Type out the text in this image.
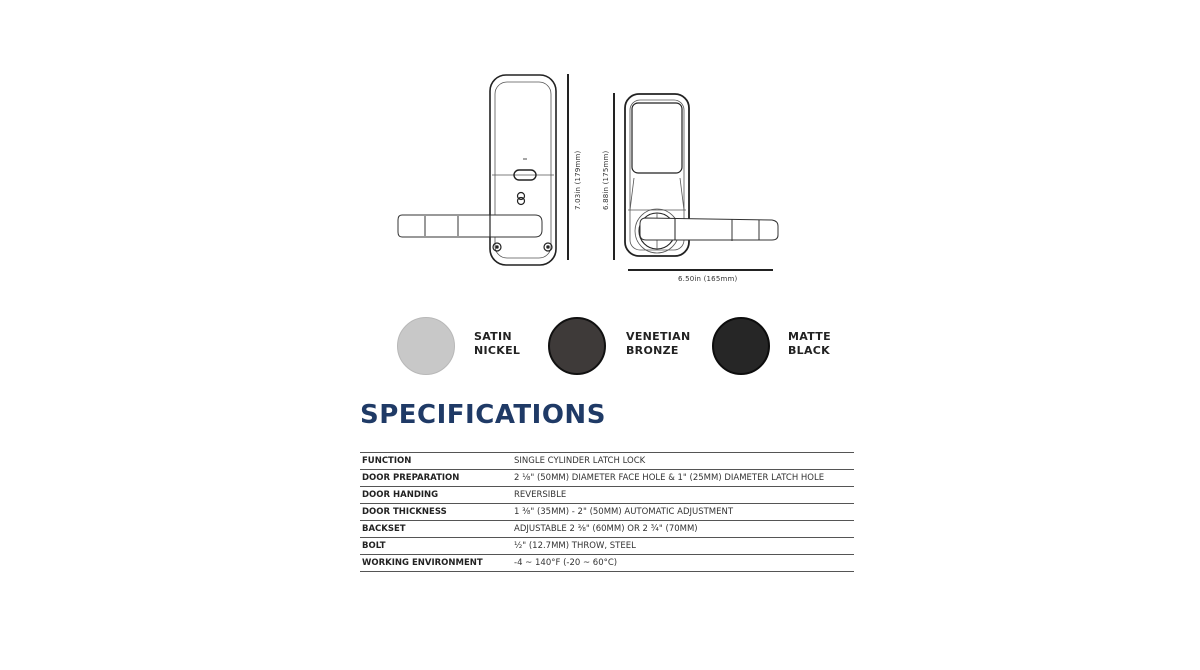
7.03in (179mm)	6.88in (175mm)
6.50in (165mm)
SATIN
NICKEL
VENETIAN
BRONZE
MATTE
BLACK
SPECIFICATIONS
FUNCTION	SINGLE CYLINDER LATCH LOCK
DOOR PREPARATION	2 ⅛" (50MM) DIAMETER FACE HOLE & 1" (25MM) DIAMETER LATCH HOLE
DOOR HANDING	REVERSIBLE
DOOR THICKNESS	1 ⅜" (35MM) - 2" (50MM) AUTOMATIC ADJUSTMENT
BACKSET	ADJUSTABLE 2 ⅜" (60MM) OR 2 ¾" (70MM)
BOLT	½" (12.7MM) THROW, STEEL
WORKING ENVIRONMENT	-4 ~ 140°F (-20 ~ 60°C)
